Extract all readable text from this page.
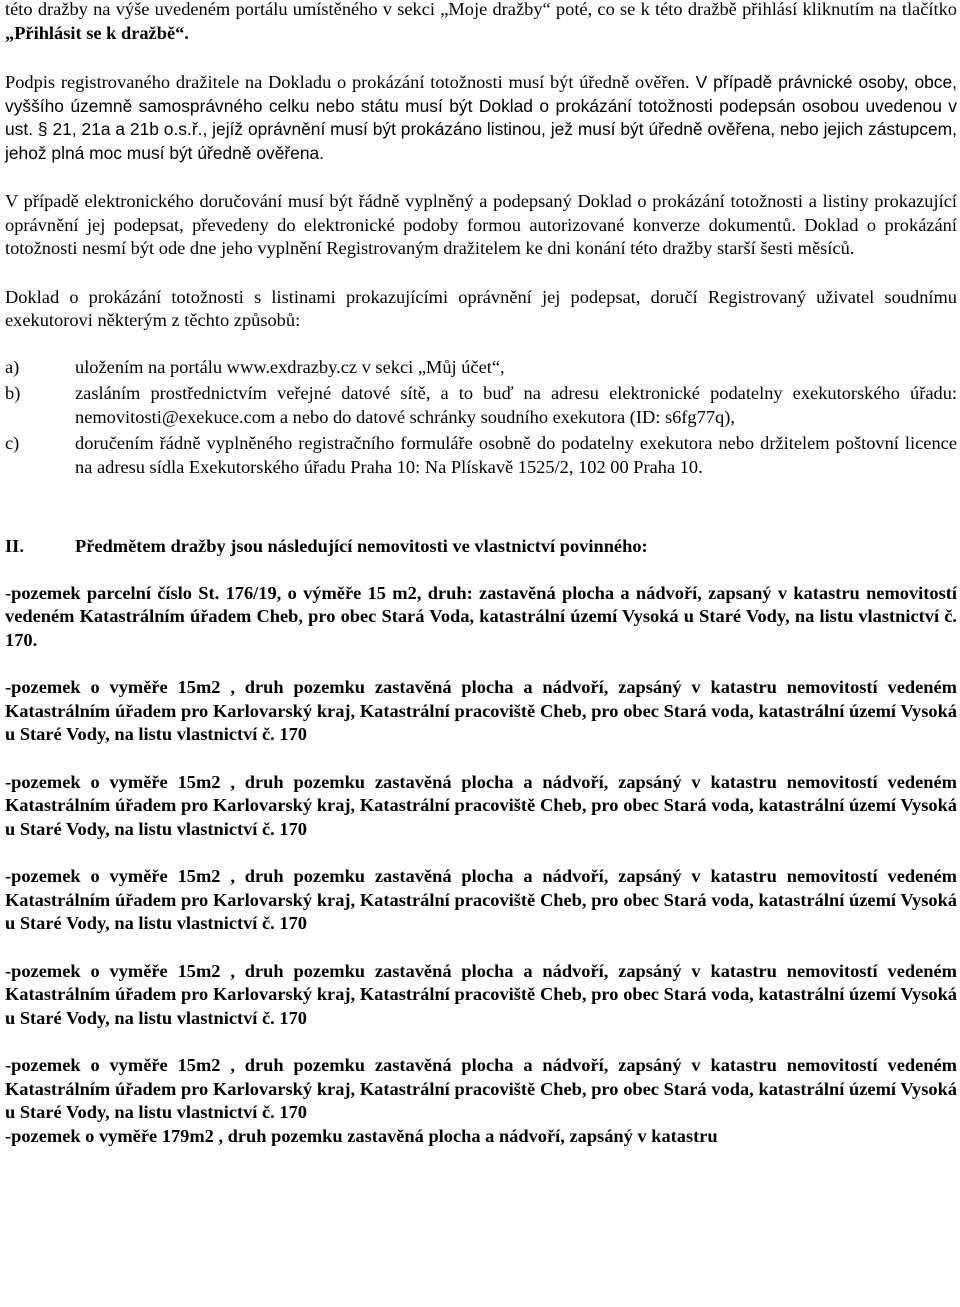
této dražby na výše uvedeném portálu umístěného v sekci „Moje dražby“ poté, co se k této dražbě přihlásí kliknutím na tlačítko „Přihlásit se k dražbě“.

Podpis registrovaného dražitele na Dokladu o prokázání totožnosti musí být úředně ověřen. V případě právnické osoby, obce, vyššího územně samosprávného celku nebo státu musí být Doklad o prokázání totožnosti podepsán osobou uvedenou v ust. § 21, 21a a 21b o.s.ř., jejíž oprávnění musí být prokázáno listinou, jež musí být úředně ověřena, nebo jejich zástupcem, jehož plná moc musí být úředně ověřena.

V případě elektronického doručování musí být řádně vyplněný a podepsaný Doklad o prokázání totožnosti a listiny prokazující oprávnění jej podepsat, převedeny do elektronické podoby formou autorizované konverze dokumentů. Doklad o prokázání totožnosti nesmí být ode dne jeho vyplnění Registrovaným dražitelem ke dni konání této dražby starší šesti měsíců.

Doklad o prokázání totožnosti s listinami prokazujícími oprávnění jej podepsat, doručí Registrovaný uživatel soudnímu exekutorovi některým z těchto způsobů:

a)	uložením na portálu www.exdrazby.cz v sekci „Můj účet“,
b)	zasláním prostřednictvím veřejné datové sítě, a to buď na adresu elektronické podatelny exekutorského úřadu: nemovitosti@exekuce.com a nebo do datové schránky soudního exekutora (ID: s6fg77q),
c)	doručením řádně vyplněného registračního formuláře osobně do podatelny exekutora nebo držitelem poštovní licence na adresu sídla Exekutorského úřadu Praha 10: Na Plískavě 1525/2, 102 00 Praha 10.
II.	Předmětem dražby jsou následující nemovitosti ve vlastnictví povinného:
-pozemek parcelní číslo St. 176/19, o výměře 15 m2, druh: zastavěná plocha a nádvoří, zapsaný v katastru nemovitostí vedeném Katastrálním úřadem Cheb, pro obec Stará Voda, katastrální území Vysoká u Staré Vody, na listu vlastnictví č. 170.
-pozemek o vyměře 15m2 , druh pozemku zastavěná plocha a nádvoří, zapsáný v katastru nemovitostí vedeném Katastrálním úřadem pro Karlovarský kraj, Katastrální pracoviště Cheb, pro obec Stará voda, katastrální území Vysoká u Staré Vody, na listu vlastnictví č. 170
-pozemek o vyměře 15m2 , druh pozemku zastavěná plocha a nádvoří, zapsáný v katastru nemovitostí vedeném Katastrálním úřadem pro Karlovarský kraj, Katastrální pracoviště Cheb, pro obec Stará voda, katastrální území Vysoká u Staré Vody, na listu vlastnictví č. 170
-pozemek o vyměře 15m2 , druh pozemku zastavěná plocha a nádvoří, zapsáný v katastru nemovitostí vedeném Katastrálním úřadem pro Karlovarský kraj, Katastrální pracoviště Cheb, pro obec Stará voda, katastrální území Vysoká u Staré Vody, na listu vlastnictví č. 170
-pozemek o vyměře 15m2 , druh pozemku zastavěná plocha a nádvoří, zapsáný v katastru nemovitostí vedeném Katastrálním úřadem pro Karlovarský kraj, Katastrální pracoviště Cheb, pro obec Stará voda, katastrální území Vysoká u Staré Vody, na listu vlastnictví č. 170
-pozemek o vyměře 15m2 , druh pozemku zastavěná plocha a nádvoří, zapsáný v katastru nemovitostí vedeném Katastrálním úřadem pro Karlovarský kraj, Katastrální pracoviště Cheb, pro obec Stará voda, katastrální území Vysoká u Staré Vody, na listu vlastnictví č. 170
-pozemek o vyměře 179m2 , druh pozemku zastavěná plocha a nádvoří, zapsáný v katastru
